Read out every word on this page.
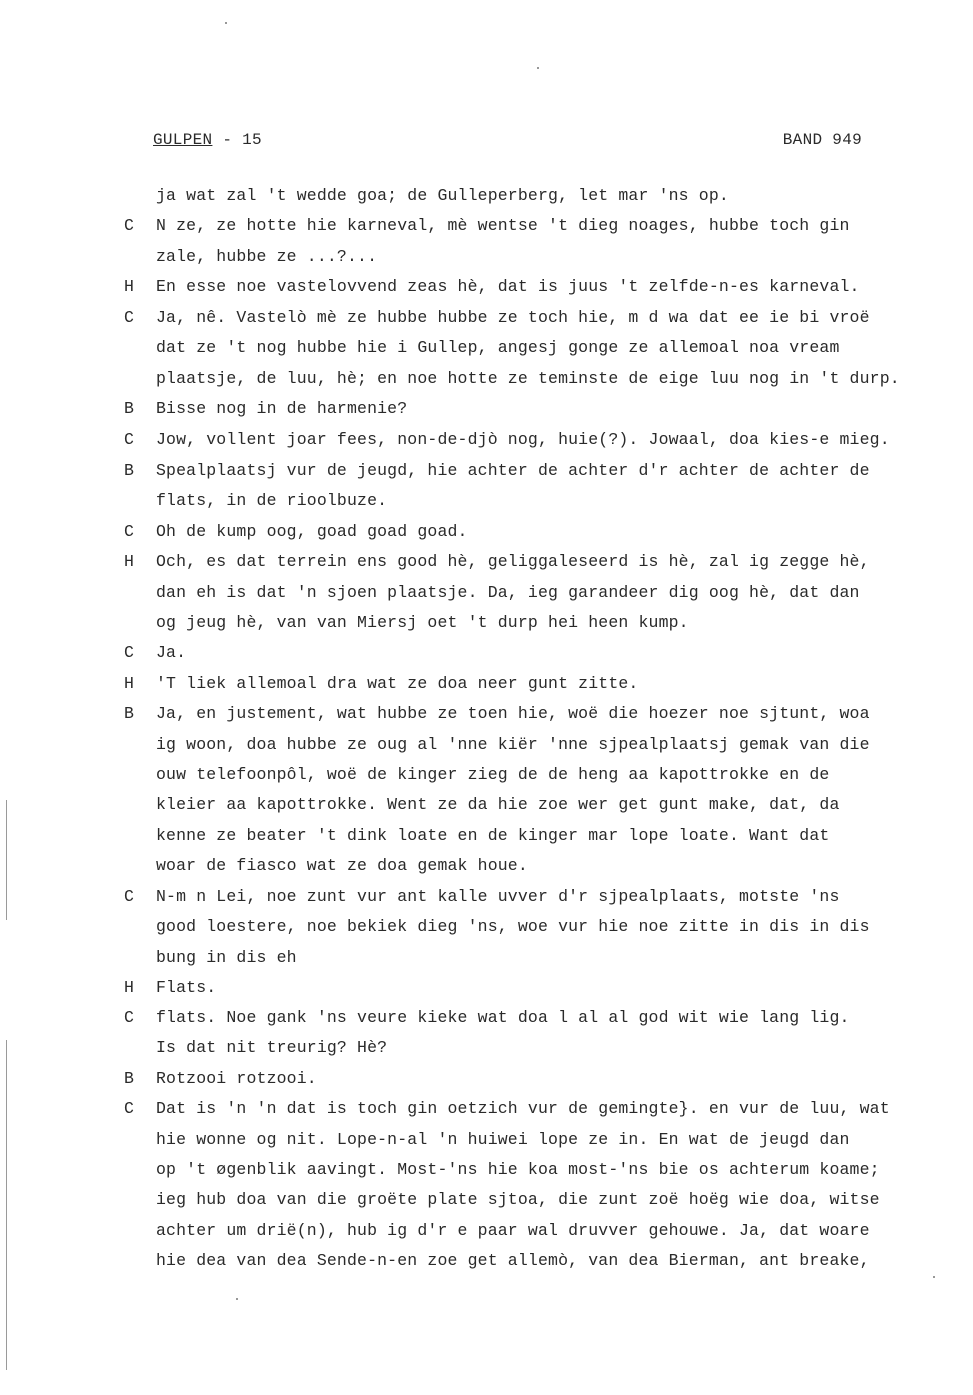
GULPEN - 15	BAND 949
ja wat zal 't wedde goa; de Gulleperberg, let mar 'ns op.
C	N ze, ze hotte hie karneval, mè wentse 't dieg noages, hubbe toch gin
zale, hubbe ze ...?...
H	En esse noe vastelovvend zeas hè, dat is juus 't zelfde-n-es karneval.
C	Ja, nê. Vastelò mè ze hubbe hubbe ze toch hie, m d wa dat ee ie bi vroë
dat ze 't nog hubbe hie i Gullep, angesj gonge ze allemoal noa vream
plaatsje, de luu, hè; en noe hotte ze teminste de eige luu nog in 't durp.
B	Bisse nog in de harmenie?
C	Jow, vollent joar fees, non-de-djò nog, huie(?). Jowaal, doa kies-e mieg.
B	Spealplaatsj vur de jeugd, hie achter de achter d'r achter de achter de
flats, in de rioolbuze.
C	Oh de kump oog, goad goad goad.
H	Och, es dat terrein ens good hè, geliggaleseerd is hè, zal ig zegge hè,
dan eh is dat 'n sjoen plaatsje. Da, ieg garandeer dig oog hè, dat dan
og jeug hè, van van Miersj oet 't durp hei heen kump.
C	Ja.
H	'T liek allemoal dra wat ze doa neer gunt zitte.
B	Ja, en justement, wat hubbe ze toen hie, woë die hoezer noe sjtunt, woa
ig woon, doa hubbe ze oug al 'nne kiër 'nne sjpealplaatsj gemak van die
ouw telefoonpôl, woë de kinger zieg de de heng aa kapottrokke en de
kleier aa kapottrokke. Went ze da hie zoe wer get gunt make, dat, da
kenne ze beater 't dink loate en de kinger mar lope loate. Want dat
woar de fiasco wat ze doa gemak houe.
C	N-m n Lei, noe zunt vur ant kalle uvver d'r sjpealplaats, motste 'ns
good loestere, noe bekiek dieg 'ns, woe vur hie noe zitte in dis in dis
bung in dis eh
H	Flats.
C	flats. Noe gank 'ns veure kieke wat doa l al al god wit wie lang lig.
Is dat nit treurig? Hè?
B	Rotzooi rotzooi.
C	Dat is 'n 'n dat is toch gin oetzich vur de gemingte}. en vur de luu, wat
hie wonne og nit. Lope-n-al 'n huiwei lope ze in. En wat de jeugd dan
op 't øgenblik aavingt. Most-'ns hie koa most-'ns bie os achterum koame;
ieg hub doa van die groëte plate sjtoa, die zunt zoë hoëg wie doa, witse
achter um drië(n), hub ig d'r e paar wal druvver gehouwe. Ja, dat woare
hie dea van dea Sende-n-en zoe get allemò, van dea Bierman, ant breake,
